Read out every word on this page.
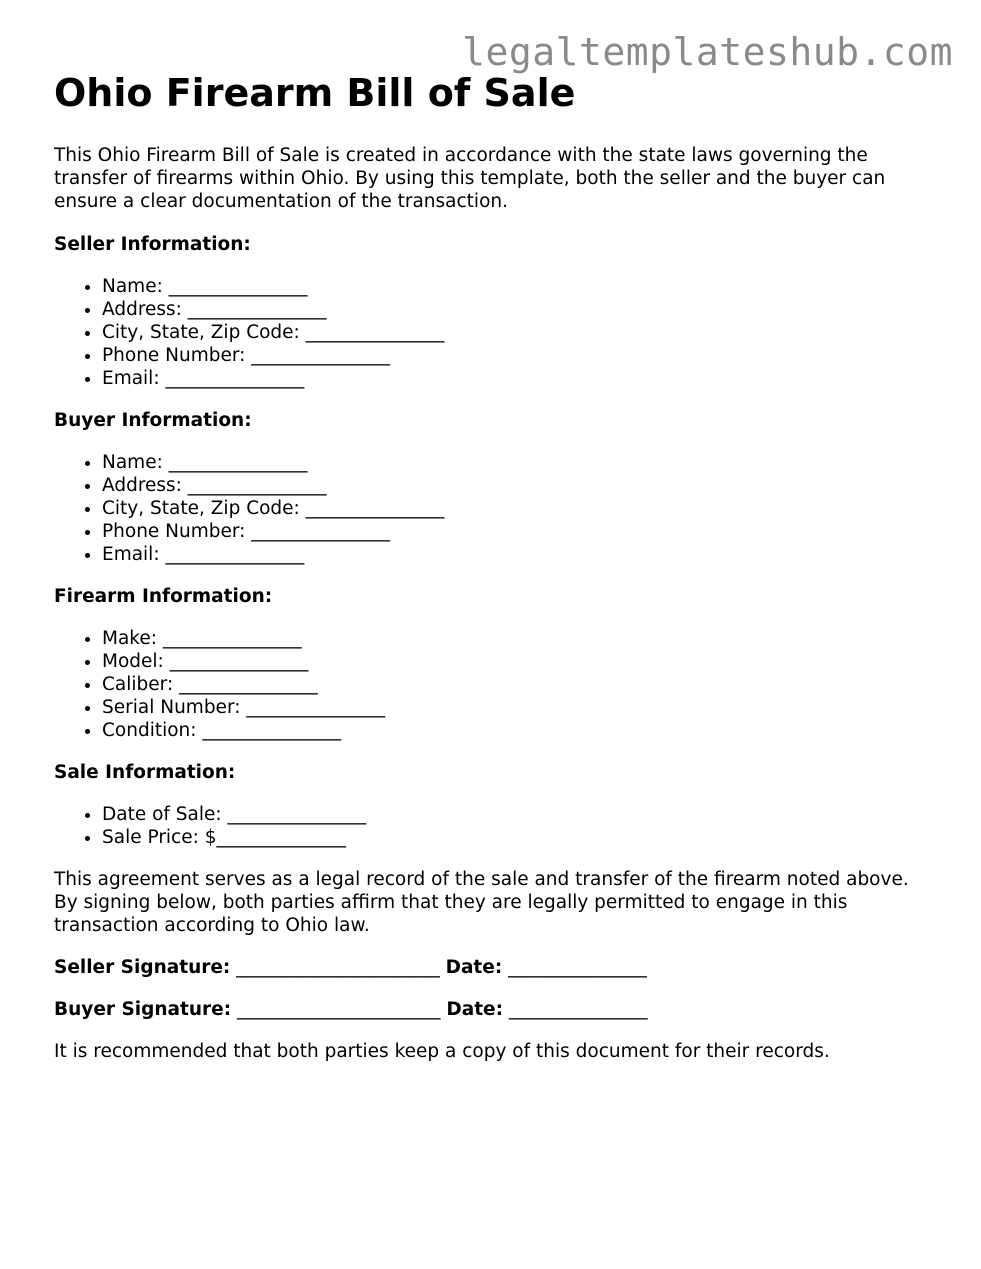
legaltemplateshub.com
Ohio Firearm Bill of Sale

This Ohio Firearm Bill of Sale is created in accordance with the state laws governing the transfer of firearms within Ohio. By using this template, both the seller and the buyer can ensure a clear documentation of the transaction.

Seller Information:
• Name: _______________
• Address: _______________
• City, State, Zip Code: _______________
• Phone Number: _______________
• Email: _______________
Buyer Information:
• Name: _______________
• Address: _______________
• City, State, Zip Code: _______________
• Phone Number: _______________
• Email: _______________
Firearm Information:
• Make: _______________
• Model: _______________
• Caliber: _______________
• Serial Number: _______________
• Condition: _______________
Sale Information:
• Date of Sale: _______________
• Sale Price: $______________

This agreement serves as a legal record of the sale and transfer of the firearm noted above. By signing below, both parties affirm that they are legally permitted to engage in this transaction according to Ohio law.

Seller Signature: ______________________ Date: _______________
Buyer Signature: ______________________ Date: _______________

It is recommended that both parties keep a copy of this document for their records.
